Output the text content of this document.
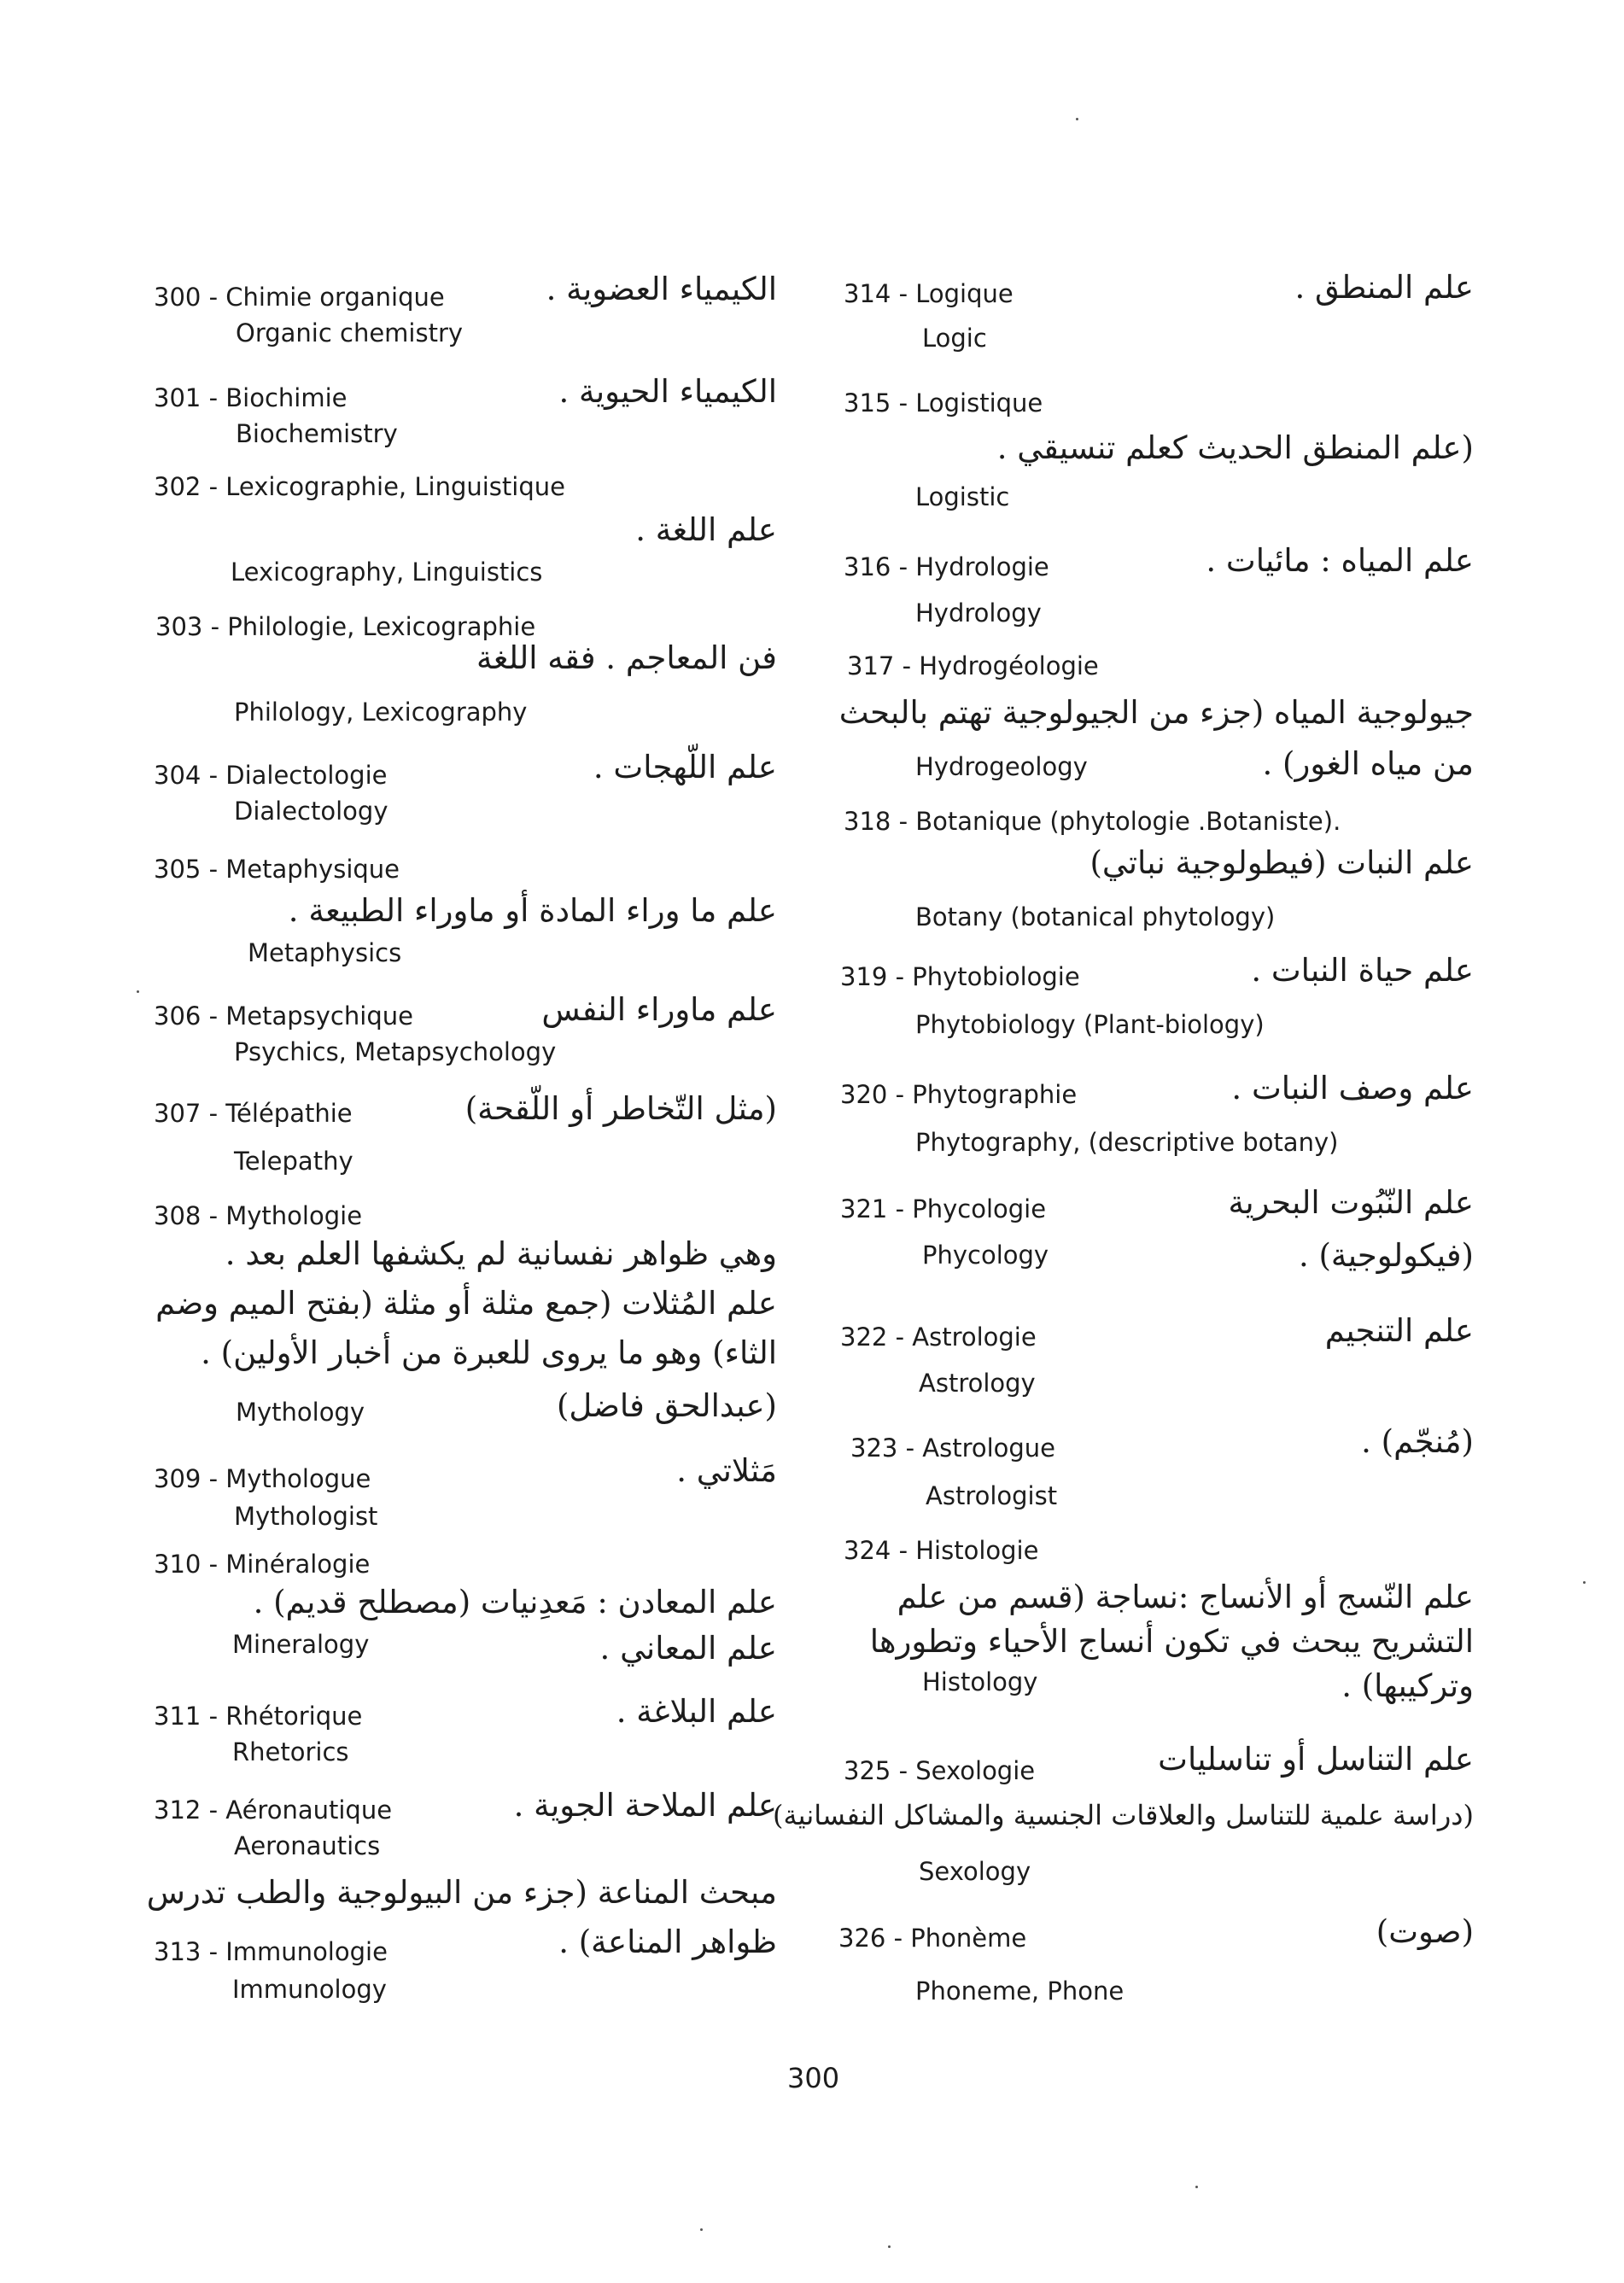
300 - Chimie organique	الكيمياء العضوية .
Organic chemistry
301 - Biochimie	الكيمياء الحيوية .
Biochemistry
302 - Lexicographie, Linguistique
علم اللغة .
Lexicography, Linguistics
303 - Philologie, Lexicographie
فن المعاجم . فقه اللغة
Philology, Lexicography
304 - Dialectologie	علم اللّهجات .
Dialectology
305 - Metaphysique
علم ما وراء المادة أو ماوراء الطبيعة .
Metaphysics
306 - Metapsychique	علم ماوراء النفس
Psychics, Metapsychology
307 - Télépathie	(مثل التّخاطر أو اللّقحة)
Telepathy
308 - Mythologie
وهي ظواهر نفسانية لم يكشفها العلم بعد .
علم المُثلات (جمع مثلة أو مثلة (بفتح الميم وضم
الثاء) وهو ما يروى للعبرة من أخبار الأولين) .
(عبدالحق فاضل)
Mythology
309 - Mythologue	مَثلاتي .
Mythologist
310 - Minéralogie
علم المعادن : مَعدِنيات (مصطلح قديم) .
Mineralogy	علم المعاني .
311 - Rhétorique	علم البلاغة .
Rhetorics
312 - Aéronautique	علم الملاحة الجوية .
Aeronautics
مبحث المناعة (جزء من البيولوجية والطب تدرس
313 - Immunologie	ظواهر المناعة) .
Immunology
314 - Logique	علم المنطق .
Logic
315 - Logistique
(علم المنطق الحديث كعلم تنسيقي .
Logistic
316 - Hydrologie	علم المياه : مائيات .
Hydrology
317 - Hydrogéologie
جيولوجية المياه (جزء من الجيولوجية تهتم بالبحث
Hydrogeology	من مياه الغور) .
318 - Botanique (phytologie .Botaniste).
علم النبات (فيطولوجية نباتي)
Botany (botanical phytology)
319 - Phytobiologie	علم حياة النبات .
Phytobiology (Plant-biology)
320 - Phytographie	علم وصف النبات .
Phytography, (descriptive botany)
321 - Phycologie	علم النّبُوت البحرية
Phycology	(فيكولوجية) .
322 - Astrologie	علم التنجيم
Astrology
323 - Astrologue	(مُنجّم) .
Astrologist
324 - Histologie
علم النّسج أو الأنساج :نساجة (قسم من علم
التشريح يبحث في تكون أنساج الأحياء وتطورها
Histology	وتركيبها) .
325 - Sexologie	علم التناسل أو تناسليات
(دراسة علمية للتناسل والعلاقات الجنسية والمشاكل النفسانية)
Sexology
326 - Phonème	(صوت)
Phoneme, Phone
300
